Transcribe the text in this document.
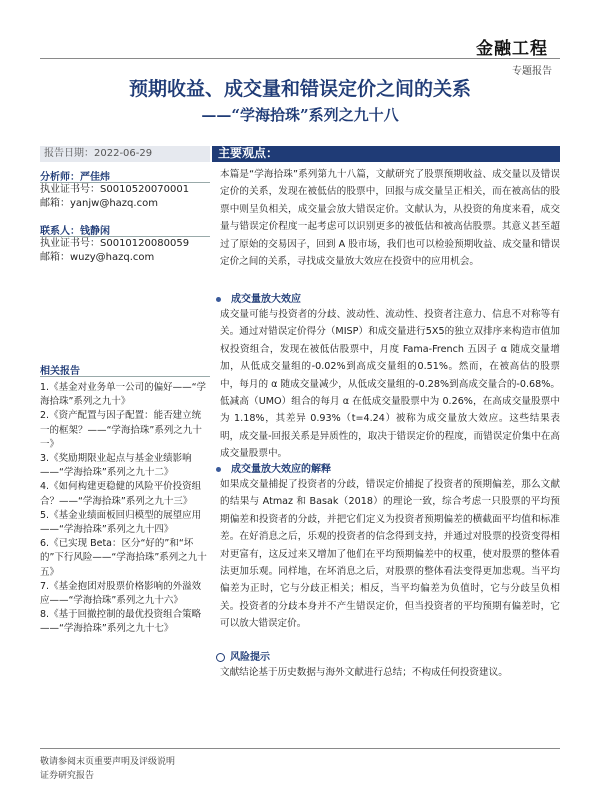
金融工程
专题报告
预期收益、成交量和错误定价之间的关系
——“学海拾珠”系列之九十八
报告日期：2022-06-29
分析师：严佳炜
执业证书号：S0010520070001
邮箱：yanjw@hazq.com
联系人：钱静闲
执业证书号：S0010120080059
邮箱：wuzy@hazq.com
相关报告
1.《基金对业务单一公司的偏好——“学海拾珠”系列之九十》
2.《资产配置与因子配置：能否建立统一的框架？——“学海拾珠”系列之九十一》
3.《奖励期限业起点与基金业绩影响——“学海拾珠”系列之九十二》
4.《如何构建更稳健的风险平价投资组合？——“学海拾珠”系列之九十三》
5.《基金业绩面板回归模型的展望应用——“学海拾珠”系列之九十四》
6.《已实现 Beta：区分“好的”和“坏的”下行风险——“学海拾珠”系列之九十五》
7.《基金抱团对股票价格影响的外溢效应——“学海拾珠”系列之九十六》
8.《基于回撤控制的最优投资组合策略——“学海拾珠”系列之九十七》
主要观点：

本篇是“学海拾珠”系列第九十八篇，文献研究了股票预期收益、成交量以及错误定价的关系，发现在被低估的股票中，回报与成交量呈正相关，而在被高估的股票中则呈负相关，成交量会放大错误定价。文献认为，从投资的角度来看，成交量与错误定价程度一起考虑可以识别更多的被低估和被高估股票。其意义甚至超过了原始的交易因子，回到 A 股市场，我们也可以检验预期收益、成交量和错误定价之间的关系，寻找成交量放大效应在投资中的应用机会。

成交量放大效应

成交量可能与投资者的分歧、波动性、流动性、投资者注意力、信息不对称等有关。通过对错误定价得分（MISP）和成交量进行5X5的独立双排序来构造市值加权投资组合，发现在被低估股票中，月度 Fama-French 五因子 α 随成交量增加，从低成交量组的-0.02%到高成交量组的0.51%。然而，在被高估的股票中，每月的 α 随成交量减少，从低成交量组的-0.28%到高成交量合的-0.68%。低减高（UMO）组合的每月 α 在低成交量股票中为 0.26%，在高成交量股票中为 1.18%，其差异 0.93%（t=4.24）被称为成交量放大效应。这些结果表明，成交量-回报关系是异质性的，取决于错误定价的程度，而错误定价集中在高成交量股票中。

成交量放大效应的解释

如果成交量捕捉了投资者的分歧，错误定价捕捉了投资者的预期偏差，那么文献的结果与 Atmaz 和 Basak（2018）的理论一致，综合考虑一只股票的平均预期偏差和投资者的分歧，并把它们定义为投资者预期偏差的横截面平均值和标准差。在好消息之后，乐观的投资者的信念得到支持，并通过对股票的投资变得相对更富有，这反过来又增加了他们在平均预期偏差中的权重，使对股票的整体看法更加乐观。同样地，在坏消息之后，对股票的整体看法变得更加悲观。当平均偏差为正时，它与分歧正相关；相反，当平均偏差为负值时，它与分歧呈负相关。投资者的分歧本身并不产生错误定价，但当投资者的平均预期有偏差时，它可以放大错误定价。

风险提示

文献结论基于历史数据与海外文献进行总结；不构成任何投资建议。

敬请参阅末页重要声明及评级说明
证券研究报告
